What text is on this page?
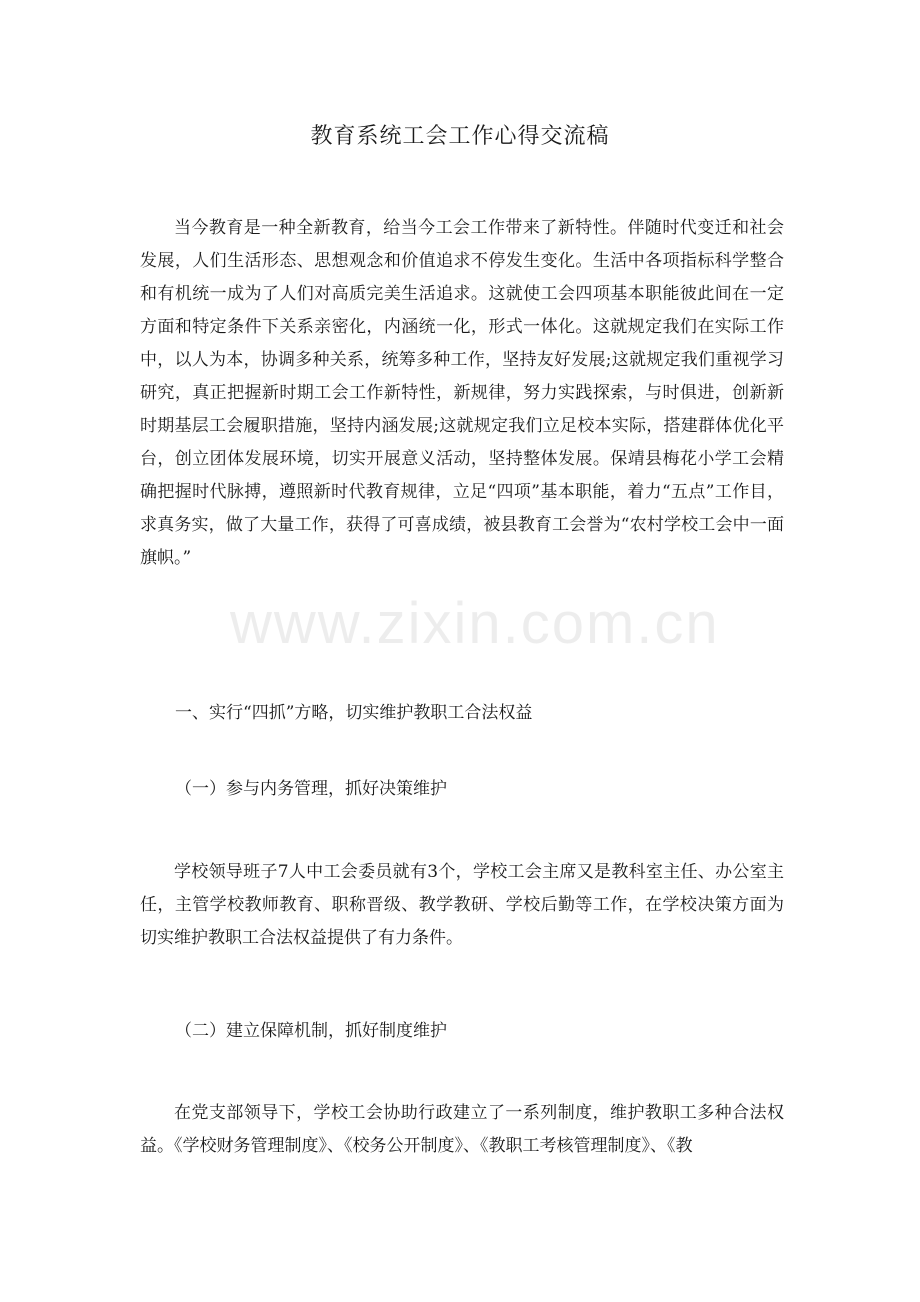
教育系统工会工作心得交流稿

当今教育是一种全新教育，给当今工会工作带来了新特性。伴随时代变迁和社会发展，人们生活形态、思想观念和价值追求不停发生变化。生活中各项指标科学整合和有机统一成为了人们对高质完美生活追求。这就使工会四项基本职能彼此间在一定方面和特定条件下关系亲密化，内涵统一化，形式一体化。这就规定我们在实际工作中，以人为本，协调多种关系，统筹多种工作，坚持友好发展;这就规定我们重视学习研究，真正把握新时期工会工作新特性，新规律，努力实践探索，与时俱进，创新新时期基层工会履职措施，坚持内涵发展;这就规定我们立足校本实际，搭建群体优化平台，创立团体发展环境，切实开展意义活动，坚持整体发展。保靖县梅花小学工会精确把握时代脉搏，遵照新时代教育规律，立足“四项”基本职能，着力“五点”工作目，求真务实，做了大量工作，获得了可喜成绩，被县教育工会誉为“农村学校工会中一面旗帜。”

一、实行“四抓”方略，切实维护教职工合法权益

（一）参与内务管理，抓好决策维护

学校领导班子7人中工会委员就有3个，学校工会主席又是教科室主任、办公室主任，主管学校教师教育、职称晋级、教学教研、学校后勤等工作，在学校决策方面为切实维护教职工合法权益提供了有力条件。

（二）建立保障机制，抓好制度维护

在党支部领导下，学校工会协助行政建立了一系列制度，维护教职工多种合法权益。《学校财务管理制度》、《校务公开制度》、《教职工考核管理制度》、《教

www.zixin.com.cn
